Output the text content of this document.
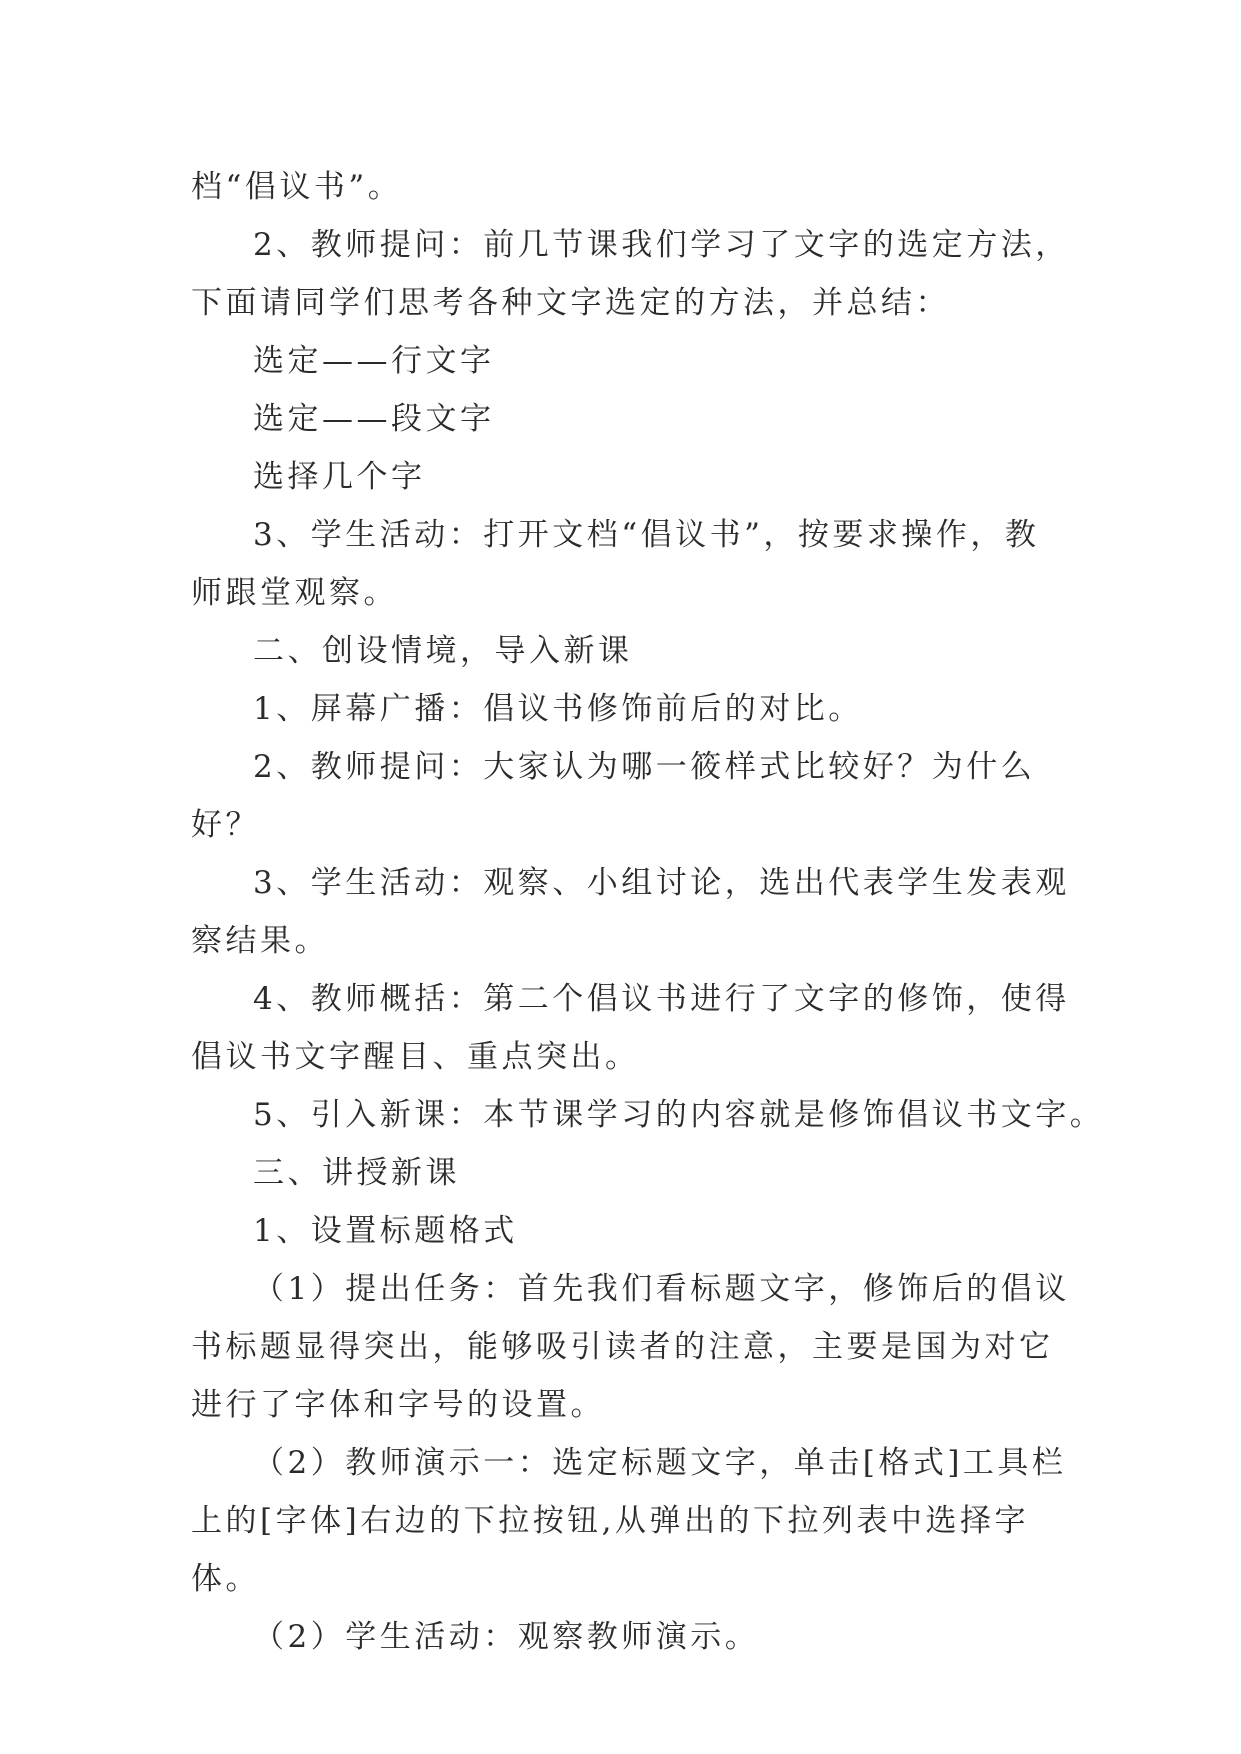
档“倡议书”。

2、教师提问：前几节课我们学习了文字的选定方法，下面请同学们思考各种文字选定的方法，并总结：

选定——行文字

选定——段文字

选择几个字

3、学生活动：打开文档“倡议书”，按要求操作，教师跟堂观察。

二、创设情境，导入新课

1、屏幕广播：倡议书修饰前后的对比。

2、教师提问：大家认为哪一筱样式比较好？为什么好？

3、学生活动：观察、小组讨论，选出代表学生发表观察结果。

4、教师概括：第二个倡议书进行了文字的修饰，使得倡议书文字醒目、重点突出。

5、引入新课：本节课学习的内容就是修饰倡议书文字。

三、讲授新课

1、设置标题格式

（1）提出任务：首先我们看标题文字，修饰后的倡议书标题显得突出，能够吸引读者的注意，主要是国为对它进行了字体和字号的设置。

（2）教师演示一：选定标题文字，单击[格式]工具栏上的[字体]右边的下拉按钮,从弹出的下拉列表中选择字体。

（2）学生活动：观察教师演示。
